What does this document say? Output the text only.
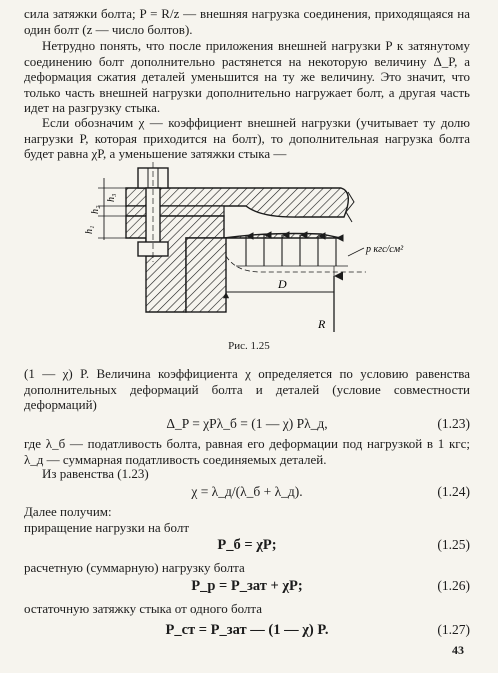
сила затяжки болта; P = R/z — внешняя нагрузка соединения, приходящаяся на один болт (z — число болтов).

Нетрудно понять, что после приложения внешней нагрузки P к затянутому соединению болт дополнительно растянется на некоторую величину Δ_P, а деформация сжатия деталей уменьшится на ту же величину. Это значит, что только часть внешней нагрузки дополнительно нагружает болт, а другая часть идет на разгрузку стыка.

Если обозначим χ — коэффициент внешней нагрузки (учитывает ту долю нагрузки P, которая приходится на болт), то дополнительная нагрузка болта будет равна χP, а уменьшение затяжки стыка —

h₁
h₂
h₃
p кгс/см²
D
R
Рис. 1.25

(1 — χ) P. Величина коэффициента χ определяется по условию равенства дополнительных деформаций болта и деталей (условие совместности деформаций)

Δ_P = χPλ_б = (1 — χ) Pλ_д,	(1.23)

где λ_б — податливость болта, равная его деформации под нагрузкой в 1 кгс; λ_д — суммарная податливость соединяемых деталей.

Из равенства (1.23)

χ = λ_д/(λ_б + λ_д).	(1.24)

Далее получим:

приращение нагрузки на болт

P_б = χP;	(1.25)

расчетную (суммарную) нагрузку болта

P_р = P_зат + χP;	(1.26)

остаточную затяжку стыка от одного болта

P_ст = P_зат — (1 — χ) P.	(1.27)
43
